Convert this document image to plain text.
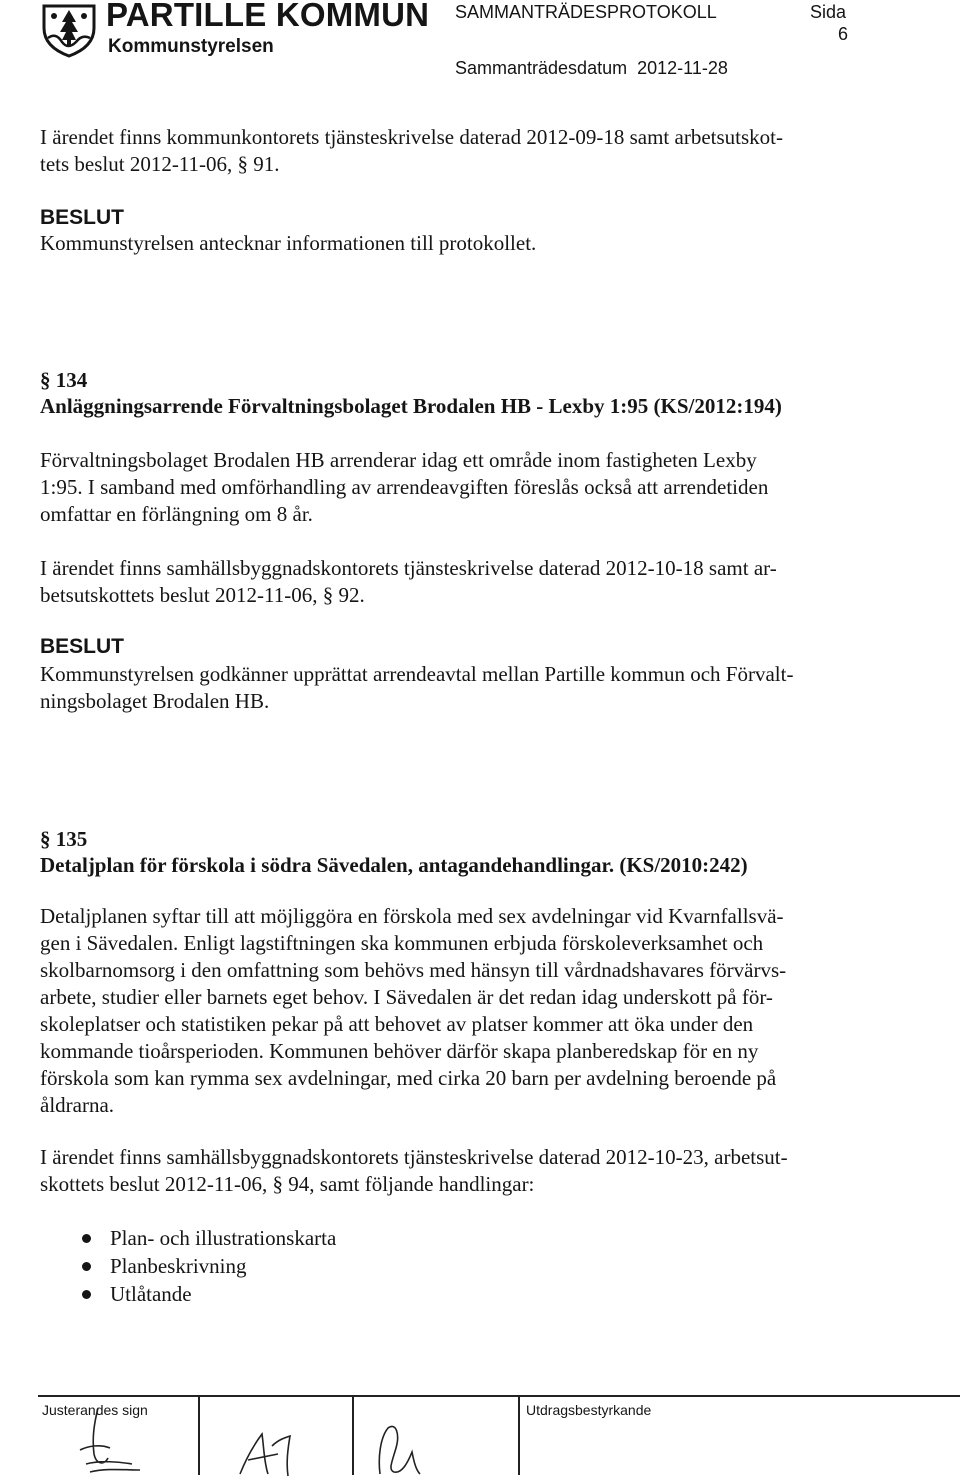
PARTILLE KOMMUN
Kommunstyrelsen
SAMMANTRÄDESPROTOKOLL	Sida
6
Sammanträdesdatum 2012-11-28
I ärendet finns kommunkontorets tjänsteskrivelse daterad 2012-09-18 samt arbetsutskot-
tets beslut 2012-11-06, § 91.
BESLUT
Kommunstyrelsen antecknar informationen till protokollet.
§ 134
Anläggningsarrende Förvaltningsbolaget Brodalen HB - Lexby 1:95 (KS/2012:194)
Förvaltningsbolaget Brodalen HB arrenderar idag ett område inom fastigheten Lexby
1:95. I samband med omförhandling av arrendeavgiften föreslås också att arrendetiden
omfattar en förlängning om 8 år.
I ärendet finns samhällsbyggnadskontorets tjänsteskrivelse daterad 2012-10-18 samt ar-
betsutskottets beslut 2012-11-06, § 92.
BESLUT
Kommunstyrelsen godkänner upprättat arrendeavtal mellan Partille kommun och Förvalt-
ningsbolaget Brodalen HB.
§ 135
Detaljplan för förskola i södra Sävedalen, antagandehandlingar. (KS/2010:242)
Detaljplanen syftar till att möjliggöra en förskola med sex avdelningar vid Kvarnfallsvä-
gen i Sävedalen. Enligt lagstiftningen ska kommunen erbjuda förskoleverksamhet och
skolbarnomsorg i den omfattning som behövs med hänsyn till vårdnadshavares förvärvs-
arbete, studier eller barnets eget behov. I Sävedalen är det redan idag underskott på för-
skoleplatser och statistiken pekar på att behovet av platser kommer att öka under den
kommande tioårsperioden. Kommunen behöver därför skapa planberedskap för en ny
förskola som kan rymma sex avdelningar, med cirka 20 barn per avdelning beroende på
åldrarna.
I ärendet finns samhällsbyggnadskontorets tjänsteskrivelse daterad 2012-10-23, arbetsut-
skottets beslut 2012-11-06, § 94, samt följande handlingar:
Plan- och illustrationskarta
Planbeskrivning
Utlåtande
Justerandes sign	Utdragsbestyrkande
